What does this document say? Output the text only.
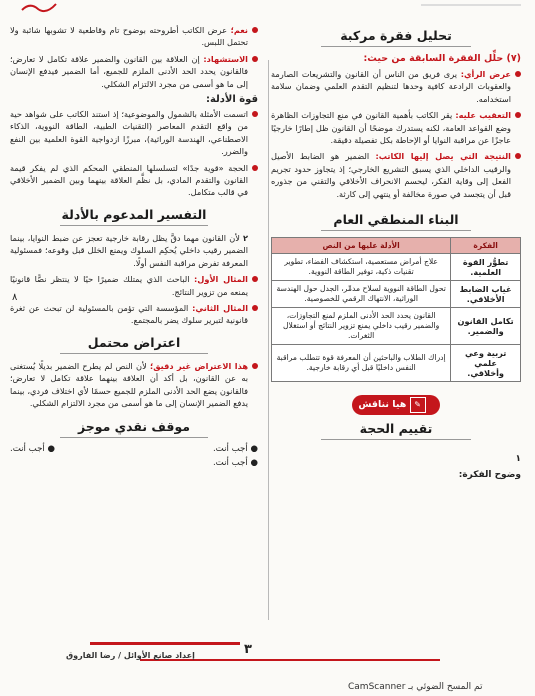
تحليل فقرة مركبة
(٧) حلِّل الفقرة السابقة من حيث:
عرض الرأي: يرى فريق من الناس أن القانون والتشريعات الصارمة والعقوبات الرادعة كافية وحدها لتنظيم التقدم العلمي وضمان سلامة استخدامه.
التعقيب عليه: يقر الكاتب بأهمية القانون في منع التجاوزات الظاهرة وضع القواعد العامة، لكنه يستدرك موضحًا أن القانون ظل إطارًا خارجيًا عاجزًا عن مراقبة النوايا أو الإحاطة بكل تفصيلة دقيقة.
النتيجة التي يصل إليها الكاتب: الضمير هو الضابط الأصيل والرقيب الداخلي الذي يسبق التشريع الخارجي؛ إذ يتجاوز حدود تجريم الفعل إلى وقاية الفكر، ليحسم الانحراف الأخلاقي والتقني من جذوره قبل أن يتجسد في صورة مخالفة أو ينتهي إلى كارثة.
البناء المنطقي العام
الفكرة	الأدلة عليها من النص
تطوُّر القوة العلمية.	علاج أمراض مستعصية، استكشاف الفضاء، تطوير تقنيات ذكية، توفير الطاقة النووية.
غياب الضابط الأخلاقي.	تحول الطاقة النووية لسلاح مدمِّر، الجدل حول الهندسة الوراثية، الانتهاك الرقمي للخصوصية.
تكامل القانون والضمير.	القانون يحدد الحد الأدنى الملزم لمنع التجاوزات، والضمير رقيب داخلي يمنع تزوير النتائج أو استغلال الثغرات.
تربية وعي علمي وأخلاقي.	إدراك الطلاب والباحثين أن المعرفة قوة تتطلب مراقبة النفس داخليًا قبل أي رقابة خارجية.
✎ هيا نناقش
تقييم الحجة
١
وضوح الفكرة:
٨
نعم؛ عرض الكاتب أطروحته بوضوح تام وقاطعية لا تشوبها شائبة ولا تحتمل اللبس.
الاستشهاد: إن العلاقة بين القانون والضمير علاقة تكامل لا تعارض؛ فالقانون يحدد الحد الأدنى الملزم للجميع، أما الضمير فيدفع الإنسان إلى ما هو أسمى من مجرد الالتزام الشكلي.
قوة الأدلة:
اتسمت الأمثلة بالشمول والموضوعية؛ إذ استند الكاتب على شواهد حية من واقع التقدم المعاصر (التقنيات الطبية، الطاقة النووية، الذكاء الاصطناعي، الهندسة الوراثية)، مبرزًا ازدواجية القوة العلمية بين النفع والضرر.
الحجة «قوية جدًا» لتسلسلها المنطقي المحكم الذي لم يفكر قيمة القانون والتقدم المادي، بل نظَّم العلاقة بينهما وبين الضمير الأخلاقي في قالب متكامل.
التفسير المدعوم بالأدلة
٢ لأن القانون مهما دقَّ يظل رقابة خارجية تعجز عن ضبط النوايا، بينما الضمير رقيب داخلي يُحكِم السلوك ويمنع الخلل قبل وقوعه؛ فمسئولية المعرفة تفرض مراقبة النفس أولًا.
المثال الأول: الباحث الذي يمتلك ضميرًا حيًا لا ينتظر نصًّا قانونيًا يمنعه من تزوير النتائج.
المثال الثاني: المؤسسة التي تؤمن بالمسئولية لن تبحث عن ثغرة قانونية لتبرير سلوك يضر بالمجتمع.
اعتراض محتمل
هذا الاعتراض غير دقيق؛ لأن النص لم يطرح الضمير بديلًا يُستغنى به عن القانون، بل أكد أن العلاقة بينهما علاقة تكامل لا تعارض؛ فالقانون يضع الحد الأدنى الملزم للجميع حسمًا لأي اختلاف فردي، بينما يدفع الضمير الإنسان إلى ما هو أسمى من مجرد الالتزام الشكلي.
موقف نقدي موجز
● أجب أنت.
● أجب أنت.
● أجب أنت.
٣
إعداد صانع الأوائل / رضا الفاروق
تم المسح الضوئي بـ CamScanner
